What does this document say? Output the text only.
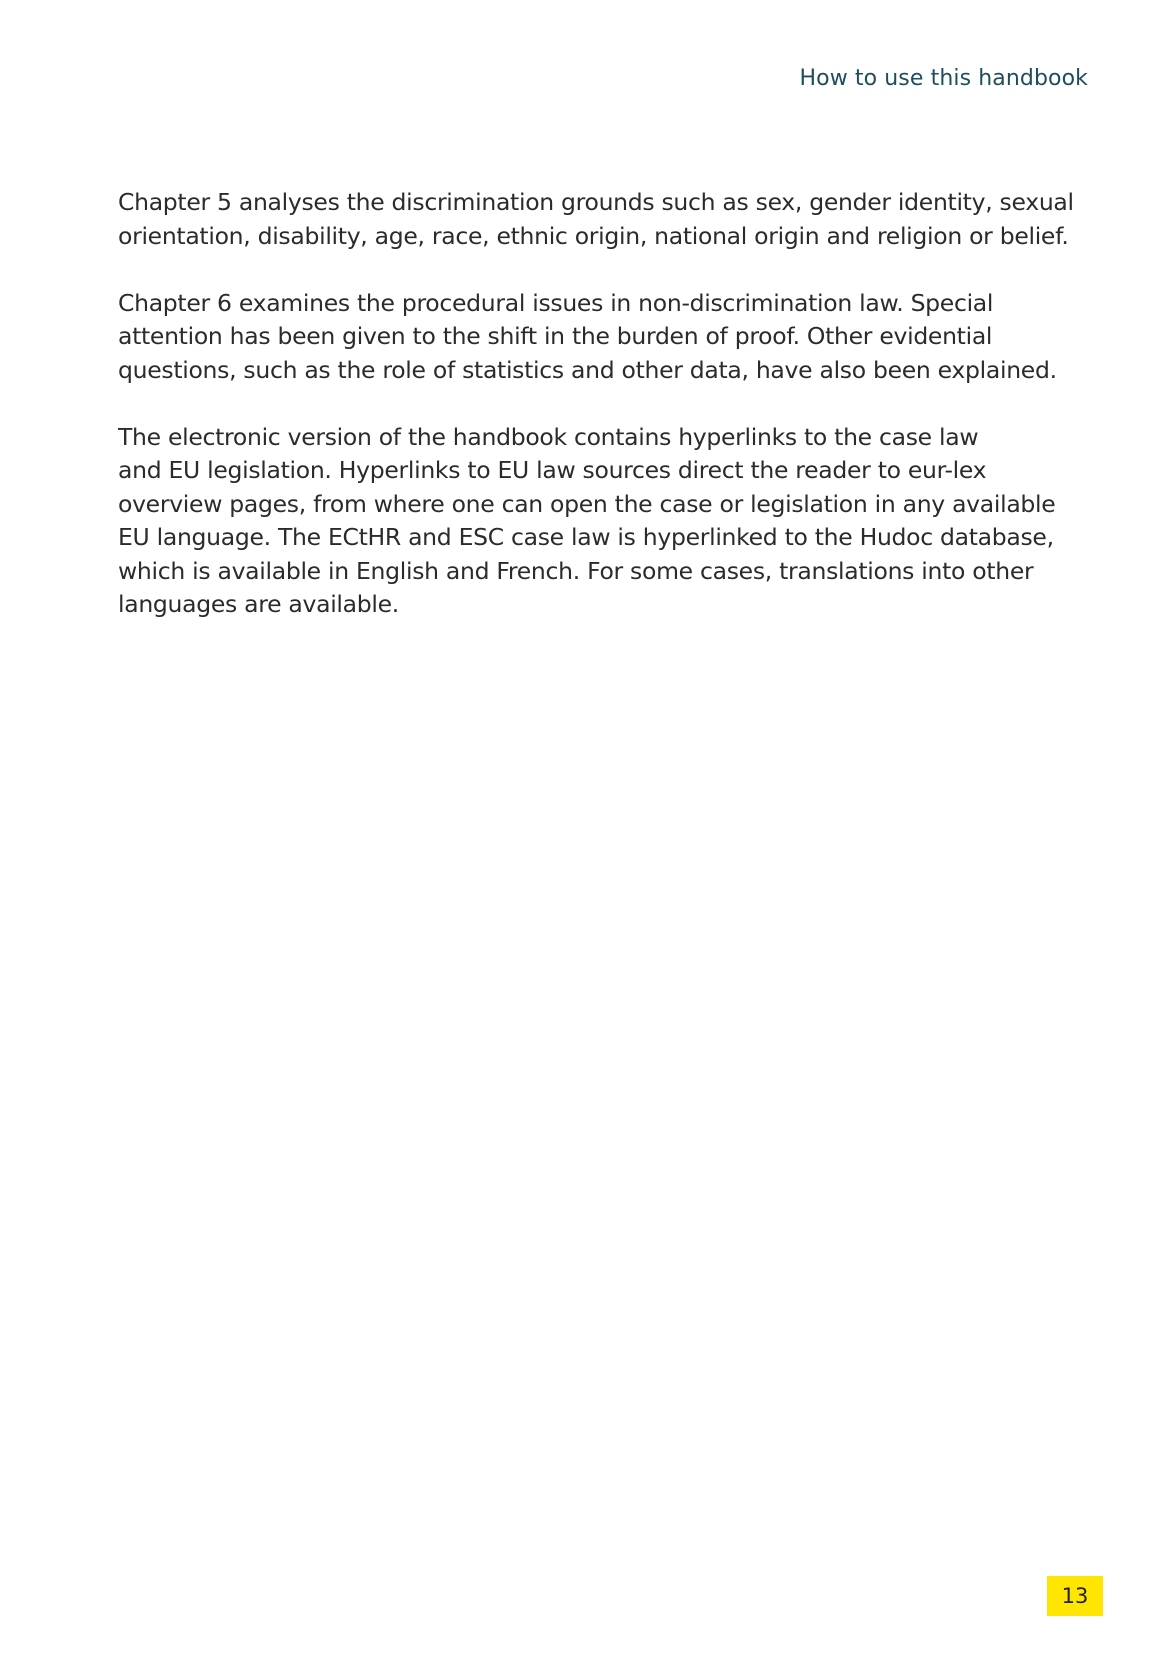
How to use this handbook

Chapter 5 analyses the discrimination grounds such as sex, gender identity, sexual
orientation, disability, age, race, ethnic origin, national origin and religion or belief.

Chapter 6 examines the procedural issues in non-discrimination law. Special
attention has been given to the shift in the burden of proof. Other evidential
questions, such as the role of statistics and other data, have also been explained.

The electronic version of the handbook contains hyperlinks to the case law
and EU legislation. Hyperlinks to EU law sources direct the reader to eur-lex
overview pages, from where one can open the case or legislation in any available
EU language. The ECtHR and ESC case law is hyperlinked to the Hudoc database,
which is available in English and French. For some cases, translations into other
languages are available.

13
